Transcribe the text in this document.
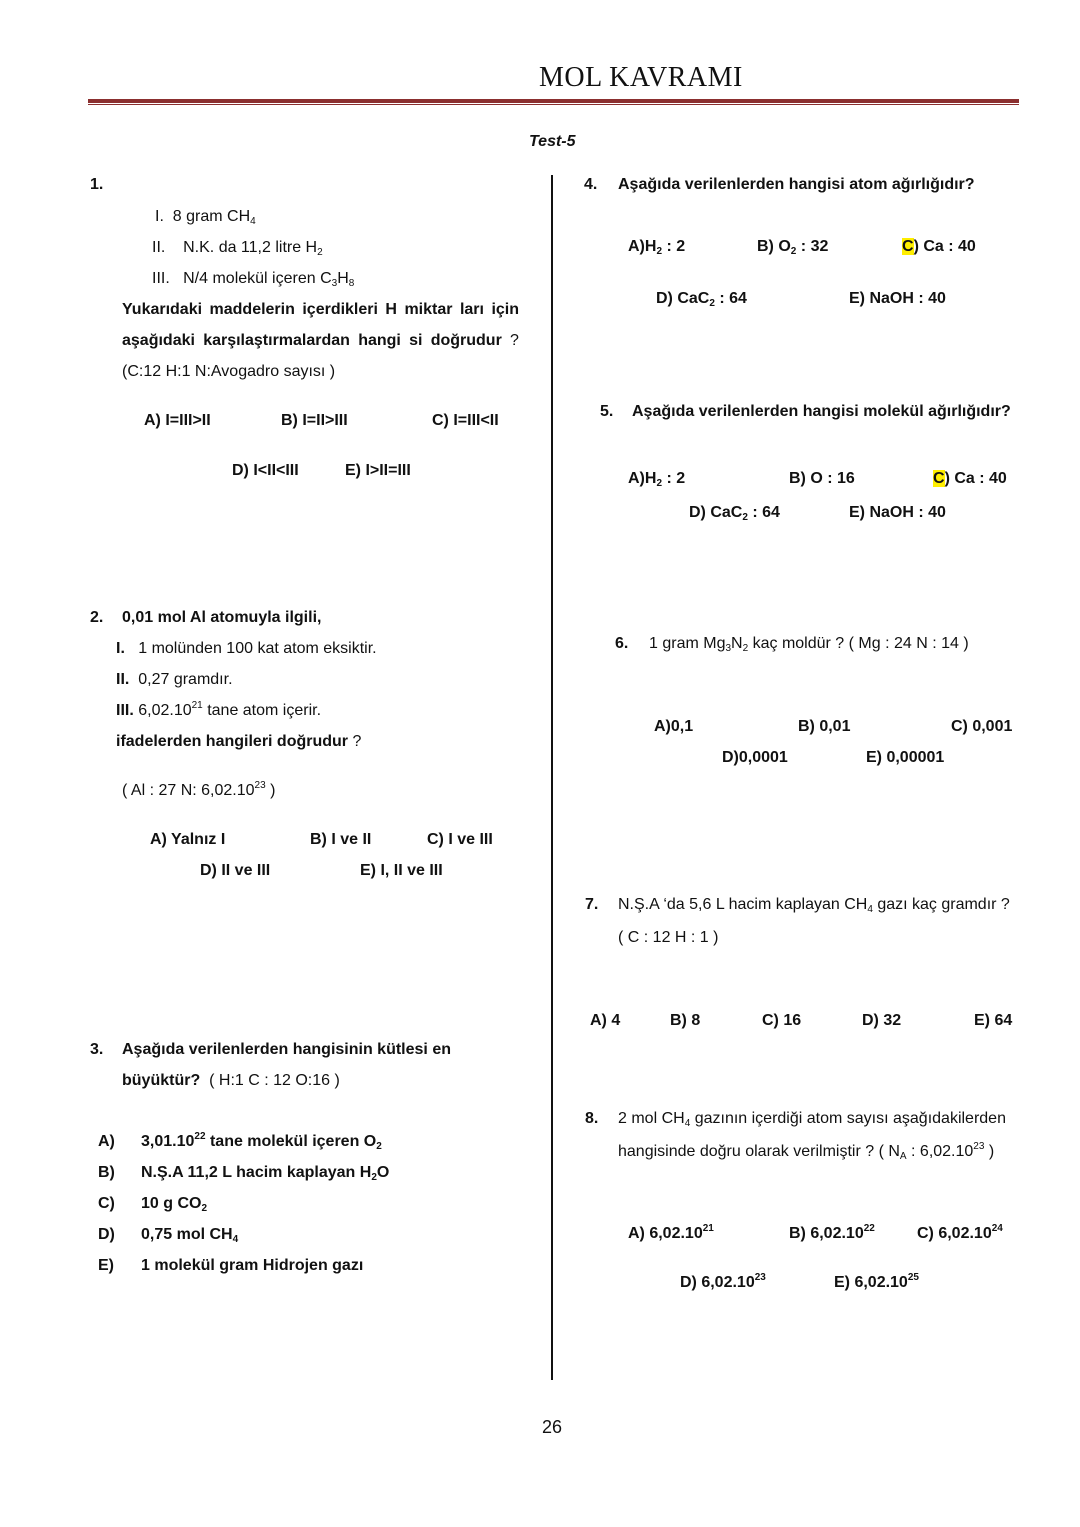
MOL KAVRAMI
Test-5
1.
I. 8 gram $CH_4$
II. N.K. da 11,2 litre $H_2$
III. N/4 molekül içeren $C_3H_8$
Yukarıdaki maddelerin içerdikleri H miktar ları için
aşağıdaki karşılaştırmalardan hangi si doğrudur ?
(C:12 H:1 N:Avogadro sayısı )
A) I=III>II	B) I=II>III	C) I=III<II
D) I<II<III	E) I>II=III
2. 0,01 mol Al atomuyla ilgili,
I. 1 molünden 100 kat atom eksiktir.
II. 0,27 gramdır.
III. 6,02.10$^{21}$ tane atom içerir.
ifadelerden hangileri doğrudur ?
( Al : 27 N: 6,02.10$^{23}$ )
A) Yalnız I	B) I ve II	C) I ve III
D) II ve III	E) I, II ve III
3. Aşağıda verilenlerden hangisinin kütlesi en
büyüktür? ( H:1 C : 12 O:16 )
A) 3,01.10$^{22}$ tane molekül içeren $O_2$
B) N.Ş.A 11,2 L hacim kaplayan $H_2O$
C) 10 g $CO_2$
D) 0,75 mol $CH_4$
E) 1 molekül gram Hidrojen gazı
4. Aşağıda verilenlerden hangisi atom ağırlığıdır?
$A)H_2$ : 2	B) $O_2$ : 32	C) Ca : 40
D) CaC$_2$ : 64	E) NaOH : 40
5. Aşağıda verilenlerden hangisi molekül ağırlığıdır?
$A)H_2$ : 2	B) O : 16	C) Ca : 40
D) CaC$_2$ : 64	E) NaOH : 40
6. 1 gram $Mg_3N_2$ kaç moldür ? ( Mg : 24 N : 14 )
A)0,1	B) 0,01	C) 0,001
D)0,0001	E) 0,00001
7. N.Ş.A ‘da 5,6 L hacim kaplayan $CH_4$ gazı kaç gramdır ?
( C : 12 H : 1 )
A) 4	B) 8	C) 16	D) 32	E) 64
8. 2 mol $CH_4$ gazının içerdiği atom sayısı aşağıdakilerden
hangisinde doğru olarak verilmiştir ? ( $N_A$ : 6,02.10$^{23}$ )
A) 6,02.10$^{21}$	B) 6,02.10$^{22}$	C) 6,02.10$^{24}$
D) 6,02.10$^{23}$	E) 6,02.10$^{25}$
26
